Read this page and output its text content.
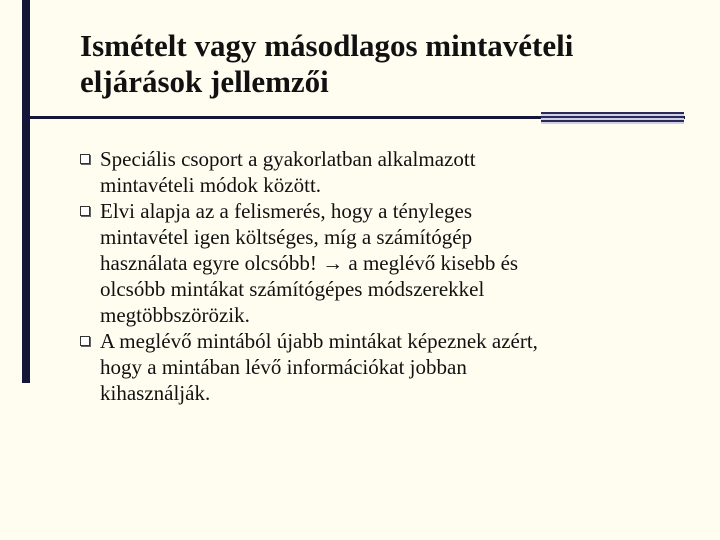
Ismételt vagy másodlagos mintavételi
eljárások jellemzői
Speciális csoport a gyakorlatban alkalmazott
mintavételi módok között.
Elvi alapja az a felismerés, hogy a tényleges
mintavétel igen költséges, míg a számítógép
használata egyre olcsóbb! → a meglévő kisebb és
olcsóbb mintákat számítógépes módszerekkel
megtöbbszörözik.
A meglévő mintából újabb mintákat képeznek azért,
hogy a mintában lévő információkat jobban
kihasználják.
